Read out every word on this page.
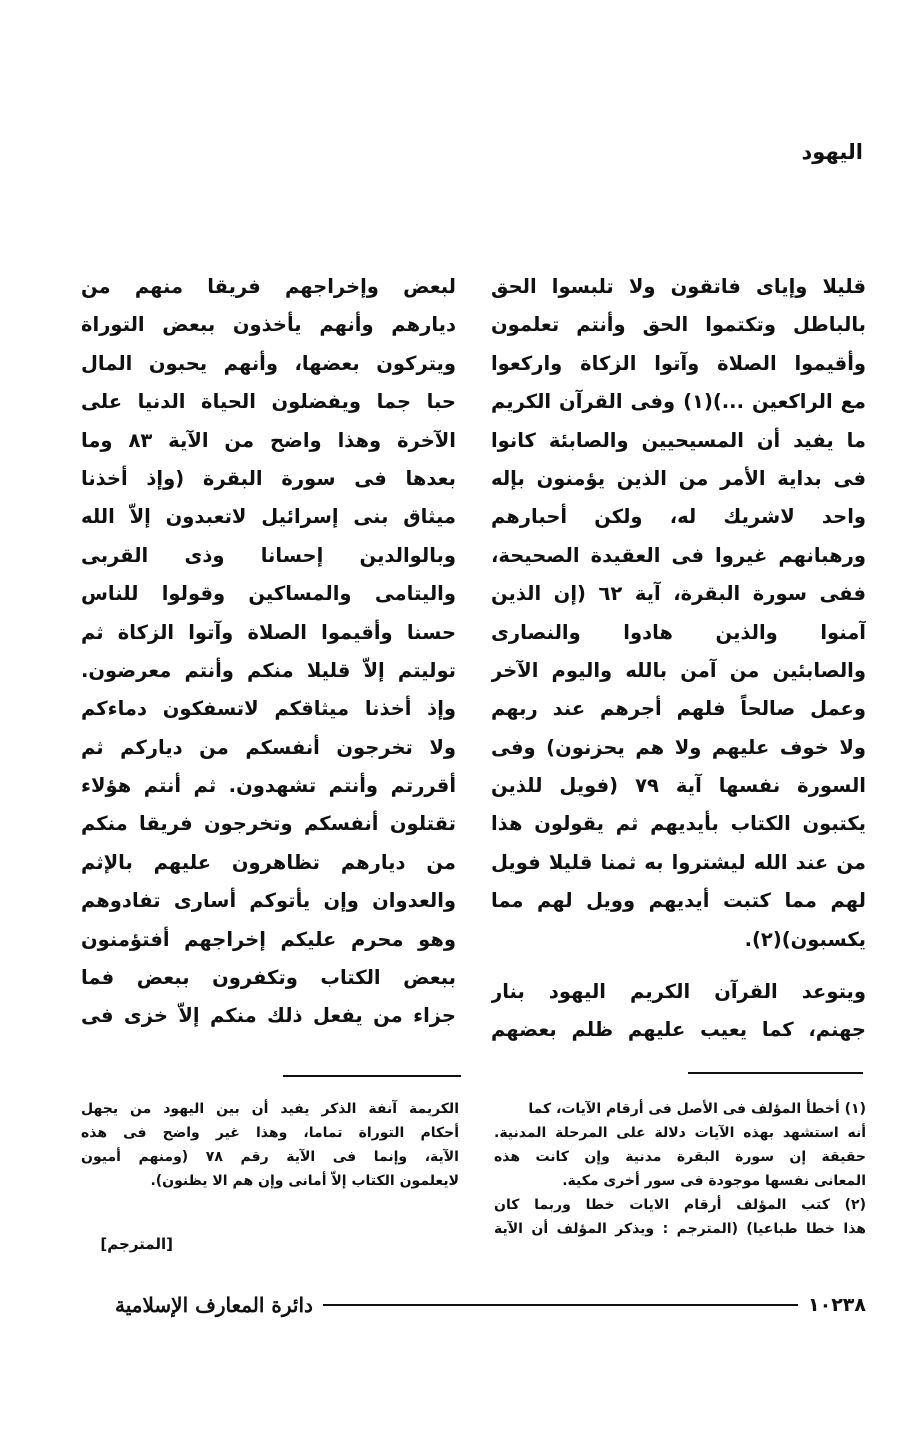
اليهود

قليلا وإياى فاتقون ولا تلبسوا الحق
بالباطل وتكتموا الحق وأنتم تعلمون
وأقيموا الصلاة وآتوا الزكاة واركعوا
مع الراكعين ...)(١) وفى القرآن الكريم
ما يفيد أن المسيحيين والصابئة كانوا
فى بداية الأمر من الذين يؤمنون بإله
واحد لاشريك له، ولكن أحبارهم
ورهبانهم غيروا فى العقيدة الصحيحة،
ففى سورة البقرة، آية ٦٢ (إن الذين
آمنوا والذين هادوا والنصارى
والصابئين من آمن بالله واليوم الآخر
وعمل صالحاً فلهم أجرهم عند ربهم
ولا خوف عليهم ولا هم يحزنون) وفى
السورة نفسها آية ٧٩ (فويل للذين
يكتبون الكتاب بأيديهم ثم يقولون هذا
من عند الله ليشتروا به ثمنا قليلا فويل
لهم مما كتبت أيديهم وويل لهم مما
يكسبون)(٢).

ويتوعد القرآن الكريم اليهود بنار
جهنم، كما يعيب عليهم ظلم بعضهم

لبعض وإخراجهم فريقا منهم من
ديارهم وأنهم يأخذون ببعض التوراة
ويتركون بعضها، وأنهم يحبون المال
حبا جما ويفضلون الحياة الدنيا على
الآخرة وهذا واضح من الآية ٨٣ وما
بعدها فى سورة البقرة (وإذ أخذنا
ميثاق بنى إسرائيل لاتعبدون إلاّ الله
وبالوالدين إحسانا وذى القربى
واليتامى والمساكين وقولوا للناس
حسنا وأقيموا الصلاة وآتوا الزكاة ثم
توليتم إلاّ قليلا منكم وأنتم معرضون.
وإذ أخذنا ميثاقكم لاتسفكون دماءكم
ولا تخرجون أنفسكم من دياركم ثم
أقررتم وأنتم تشهدون. ثم أنتم هؤلاء
تقتلون أنفسكم وتخرجون فريقا منكم
من ديارهم تظاهرون عليهم بالإثم
والعدوان وإن يأتوكم أسارى تفادوهم
وهو محرم عليكم إخراجهم أفتؤمنون
ببعض الكتاب وتكفرون ببعض فما
جزاء من يفعل ذلك منكم إلاّ خزى فى

(١) أخطأ المؤلف فى الأصل فى أرقام الآيات، كما
أنه استشهد بهذه الآيات دلالة على المرحلة المدنية.
حقيقة إن سورة البقرة مدنية وإن كانت هذه
المعانى نفسها موجودة فى سور أخرى مكية.
(٢) كتب المؤلف أرقام الايات خطا وربما كان
هذا خطا طباعيا) (المترجم : ويذكر المؤلف أن الآية
الكريمة آنفة الذكر يفيد أن بين اليهود من يجهل
أحكام التوراة تماما، وهذا غير واضح فى هذه
الآية، وإنما فى الآية رقم ٧٨ (ومنهم أميون
لايعلمون الكتاب إلاّ أمانى وإن هم الا يظنون).
[المترجم]
دائرة المعارف الإسلامية	١٠٢٣٨
